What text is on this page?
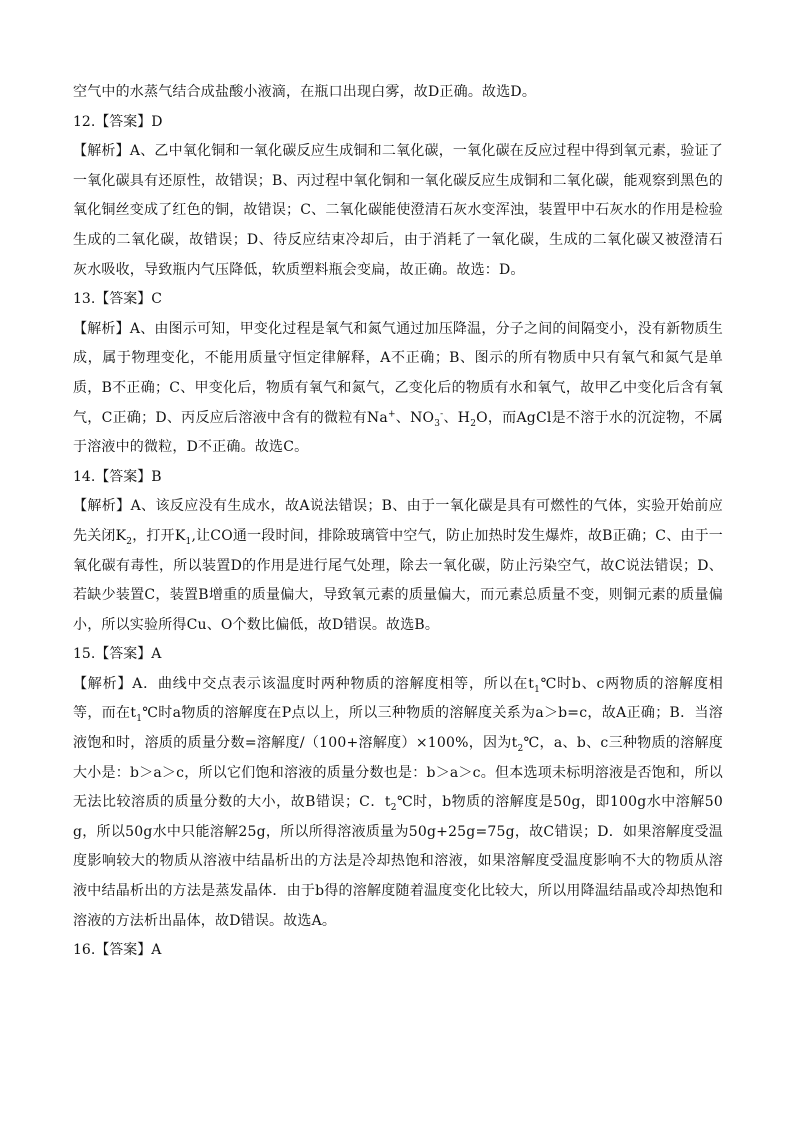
空气中的水蒸气结合成盐酸小液滴，在瓶口出现白雾，故D正确。故选D。

12.【答案】D

【解析】A、乙中氧化铜和一氧化碳反应生成铜和二氧化碳，一氧化碳在反应过程中得到氧元素，验证了一氧化碳具有还原性，故错误；B、丙过程中氧化铜和一氧化碳反应生成铜和二氧化碳，能观察到黑色的氧化铜丝变成了红色的铜，故错误；C、二氧化碳能使澄清石灰水变浑浊，装置甲中石灰水的作用是检验生成的二氧化碳，故错误；D、待反应结束冷却后，由于消耗了一氧化碳，生成的二氧化碳又被澄清石灰水吸收，导致瓶内气压降低，软质塑料瓶会变扁，故正确。故选：D。

13.【答案】C

【解析】A、由图示可知，甲变化过程是氧气和氮气通过加压降温，分子之间的间隔变小，没有新物质生成，属于物理变化，不能用质量守恒定律解释，A不正确；B、图示的所有物质中只有氧气和氮气是单质，B不正确；C、甲变化后，物质有氧气和氮气，乙变化后的物质有水和氧气，故甲乙中变化后含有氧气，C正确；D、丙反应后溶液中含有的微粒有Na+、$NO_3^-$、$H_2O$，而AgCl是不溶于水的沉淀物，不属于溶液中的微粒，D不正确。故选C。

14.【答案】B

【解析】A、该反应没有生成水，故A说法错误；B、由于一氧化碳是具有可燃性的气体，实验开始前应先关闭$K_2$，打开$K_1$,让CO通一段时间，排除玻璃管中空气，防止加热时发生爆炸，故B正确；C、由于一氧化碳有毒性，所以装置D的作用是进行尾气处理，除去一氧化碳，防止污染空气，故C说法错误；D、若缺少装置C，装置B增重的质量偏大，导致氧元素的质量偏大，而元素总质量不变，则铜元素的质量偏小，所以实验所得Cu、O个数比偏低，故D错误。故选B。

15.【答案】A

【解析】A．曲线中交点表示该温度时两种物质的溶解度相等，所以在$t_1℃$时b、c两物质的溶解度相等，而在$t_1℃$时a物质的溶解度在P点以上，所以三种物质的溶解度关系为a＞b=c，故A正确；B．当溶液饱和时，溶质的质量分数=溶解度/（100+溶解度）×100%，因为$t_2℃$，a、b、c三种物质的溶解度大小是：b＞a＞c，所以它们饱和溶液的质量分数也是：b＞a＞c。但本选项未标明溶液是否饱和，所以无法比较溶质的质量分数的大小，故B错误；C．$t_2℃$时，b物质的溶解度是50g，即100g水中溶解50g，所以50g水中只能溶解25g，所以所得溶液质量为50g+25g=75g，故C错误；D．如果溶解度受温度影响较大的物质从溶液中结晶析出的方法是冷却热饱和溶液，如果溶解度受温度影响不大的物质从溶液中结晶析出的方法是蒸发晶体．由于b得的溶解度随着温度变化比较大，所以用降温结晶或冷却热饱和溶液的方法析出晶体，故D错误。故选A。

16.【答案】A
